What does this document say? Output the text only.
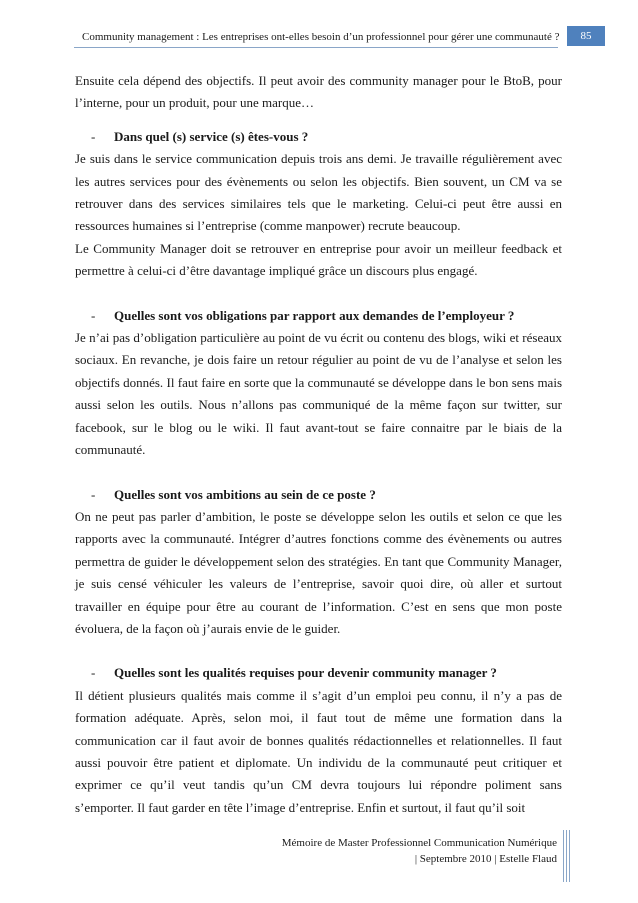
Community management : Les entreprises ont-elles besoin d’un professionnel pour gérer une communauté ?	85

Ensuite cela dépend des objectifs. Il peut avoir des community manager pour le BtoB, pour l’interne, pour un produit, pour une marque…

- Dans quel (s) service (s) êtes-vous ?

Je suis dans le service communication depuis trois ans demi. Je travaille régulièrement avec les autres services pour des évènements ou selon les objectifs. Bien souvent, un CM va se retrouver dans des services similaires tels que le marketing. Celui-ci peut être aussi en ressources humaines si l’entreprise (comme manpower) recrute beaucoup.

Le Community Manager doit se retrouver en entreprise pour avoir un meilleur feedback et permettre à celui-ci d’être davantage impliqué grâce un discours plus engagé.

- Quelles sont vos obligations par rapport aux demandes de l’employeur ?

Je n’ai pas d’obligation particulière au point de vu écrit ou contenu des blogs, wiki et réseaux sociaux. En revanche, je dois faire un retour régulier au point de vu de l’analyse et selon les objectifs donnés. Il faut faire en sorte que la communauté se développe dans le bon sens mais aussi selon les outils. Nous n’allons pas communiqué de la même façon sur twitter, sur facebook, sur le blog ou le wiki. Il faut avant-tout se faire connaitre par le biais de la communauté.

- Quelles sont vos ambitions au sein de ce poste ?

On ne peut pas parler d’ambition, le poste se développe selon les outils et selon ce que les rapports avec la communauté. Intégrer d’autres fonctions comme des évènements ou autres permettra de guider le développement selon des stratégies. En tant que Community Manager, je suis censé véhiculer les valeurs de l’entreprise, savoir quoi dire, où aller et surtout travailler en équipe pour être au courant de l’information. C’est en sens que mon poste évoluera, de la façon où j’aurais envie de le guider.

- Quelles sont les qualités requises pour devenir community manager ?

Il détient plusieurs qualités mais comme il s’agit d’un emploi peu connu, il n’y a pas de formation adéquate. Après, selon moi, il faut tout de même une formation dans la communication car il faut avoir de bonnes qualités rédactionnelles et relationnelles. Il faut aussi pouvoir être patient et diplomate. Un individu de la communauté peut critiquer et exprimer ce qu’il veut tandis qu’un CM devra toujours lui répondre poliment sans s’emporter. Il faut garder en tête l’image d’entreprise. Enfin et surtout, il faut qu’il soit

Mémoire de Master Professionnel Communication Numérique
| Septembre 2010 | Estelle Flaud
